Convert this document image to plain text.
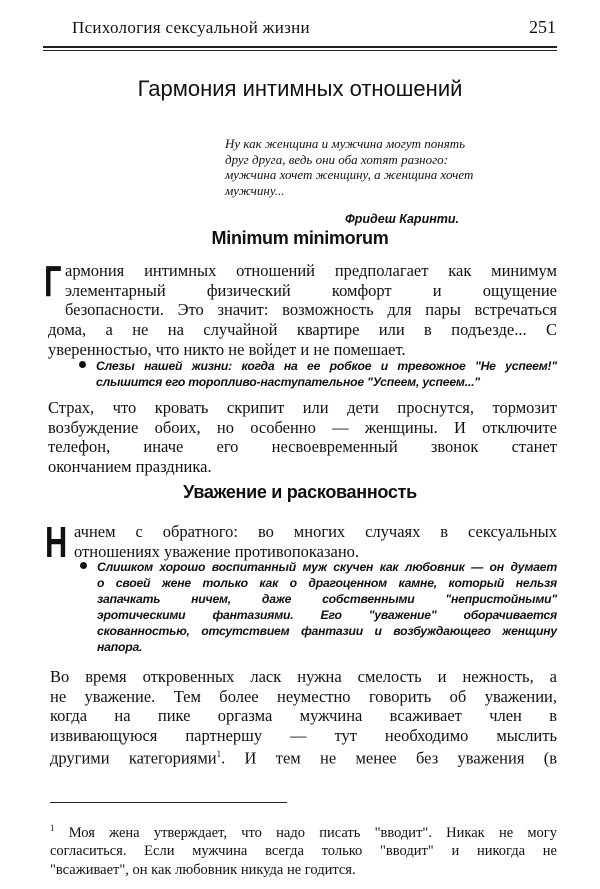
Психология сексуальной жизни	251
Гармония интимных отношений
Ну как женщина и мужчина могут понять
друг друга, ведь они оба хотят разного:
мужчина хочет женщину, а женщина хочет
мужчину...
Фридеш Каринти.
Minimum minimorum
Г армония интимных отношений предполагает как минимум
элементарный физический комфорт и ощущение
безопасности. Это значит: возможность для пары встречаться
дома, а не на случайной квартире или в подъезде... С
уверенностью, что никто не войдет и не помешает.
Слезы нашей жизни: когда на ее робкое и тревожное "Не успеем!"
слышится его торопливо-наступательное "Успеем, успеем..."
Страх, что кровать скрипит или дети проснутся, тормозит
возбуждение обоих, но особенно — женщины. И отключите
телефон, иначе его несвоевременный звонок станет
окончанием праздника.
Уважение и раскованность
Н ачнем с обратного: во многих случаях в сексуальных
отношениях уважение противопоказано.
Слишком хорошо воспитанный муж скучен как любовник — он думает
о своей жене только как о драгоценном камне, который нельзя
запачкать ничем, даже собственными "непристойными"
эротическими фантазиями. Его "уважение" оборачивается
скованностью, отсутствием фантазии и возбуждающего женщину
напора.
Во время откровенных ласк нужна смелость и нежность, а
не уважение. Тем более неуместно говорить об уважении,
когда на пике оргазма мужчина всаживает член в
извивающуюся партнершу — тут необходимо мыслить
другими категориями$^1$. И тем не менее без уважения (в
$^1$ Моя жена утверждает, что надо писать "вводит". Никак не могу
согласиться. Если мужчина всегда только "вводит" и никогда не
"всаживает", он как любовник никуда не годится.
